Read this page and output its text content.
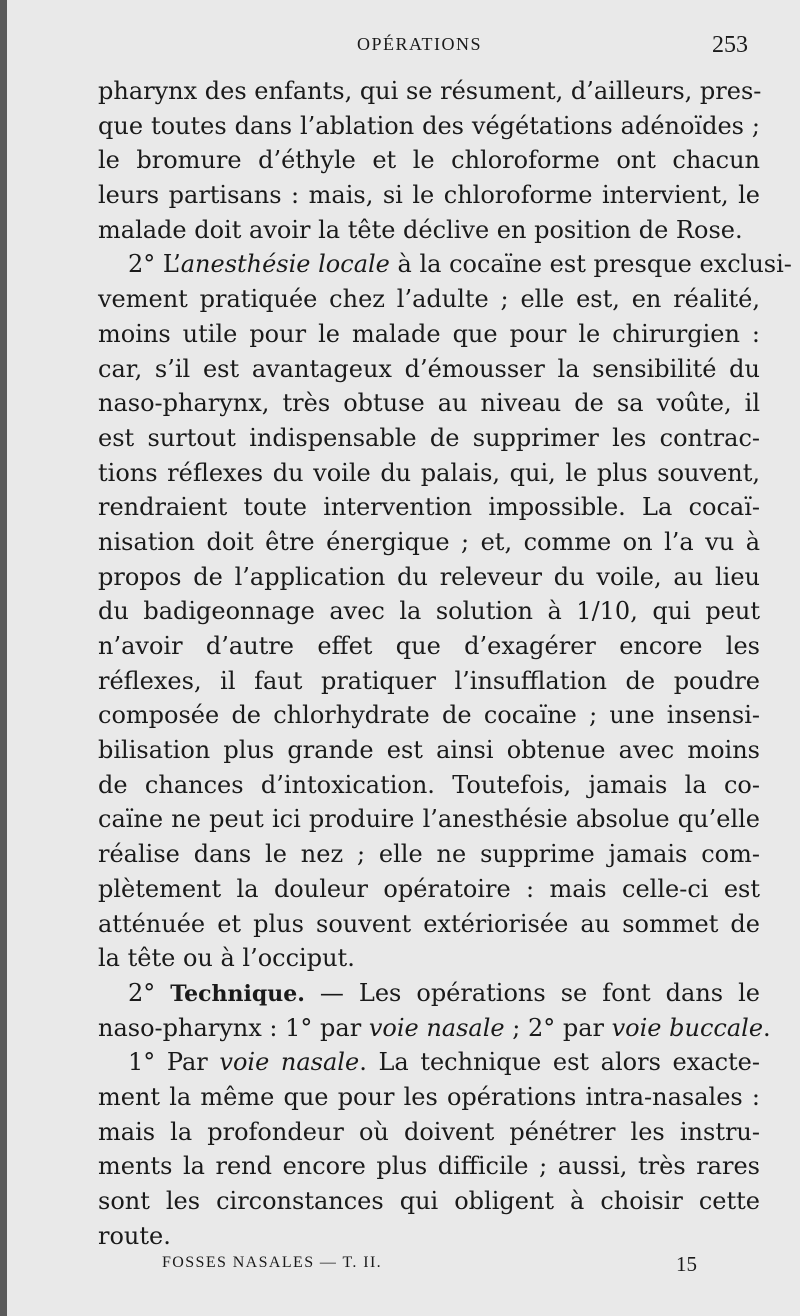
OPÉRATIONS	253
pharynx des enfants, qui se résument, d’ailleurs, pres-
que toutes dans l’ablation des végétations adénoïdes ;
le bromure d’éthyle et le chloroforme ont chacun
leurs partisans : mais, si le chloroforme intervient, le
malade doit avoir la tête déclive en position de Rose.
2° L’anesthésie locale à la cocaïne est presque exclusi-
vement pratiquée chez l’adulte ; elle est, en réalité,
moins utile pour le malade que pour le chirurgien :
car, s’il est avantageux d’émousser la sensibilité du
naso-pharynx, très obtuse au niveau de sa voûte, il
est surtout indispensable de supprimer les contrac-
tions réflexes du voile du palais, qui, le plus souvent,
rendraient toute intervention impossible. La cocaï-
nisation doit être énergique ; et, comme on l’a vu à
propos de l’application du releveur du voile, au lieu
du badigeonnage avec la solution à 1/10, qui peut
n’avoir d’autre effet que d’exagérer encore les
réflexes, il faut pratiquer l’insufflation de poudre
composée de chlorhydrate de cocaïne ; une insensi-
bilisation plus grande est ainsi obtenue avec moins
de chances d’intoxication. Toutefois, jamais la co-
caïne ne peut ici produire l’anesthésie absolue qu’elle
réalise dans le nez ; elle ne supprime jamais com-
plètement la douleur opératoire : mais celle-ci est
atténuée et plus souvent extériorisée au sommet de
la tête ou à l’occiput.
2° Technique. — Les opérations se font dans le
naso-pharynx : 1° par voie nasale ; 2° par voie buccale.
1° Par voie nasale. La technique est alors exacte-
ment la même que pour les opérations intra-nasales :
mais la profondeur où doivent pénétrer les instru-
ments la rend encore plus difficile ; aussi, très rares
sont les circonstances qui obligent à choisir cette
route.
FOSSES NASALES — T. II.	15
